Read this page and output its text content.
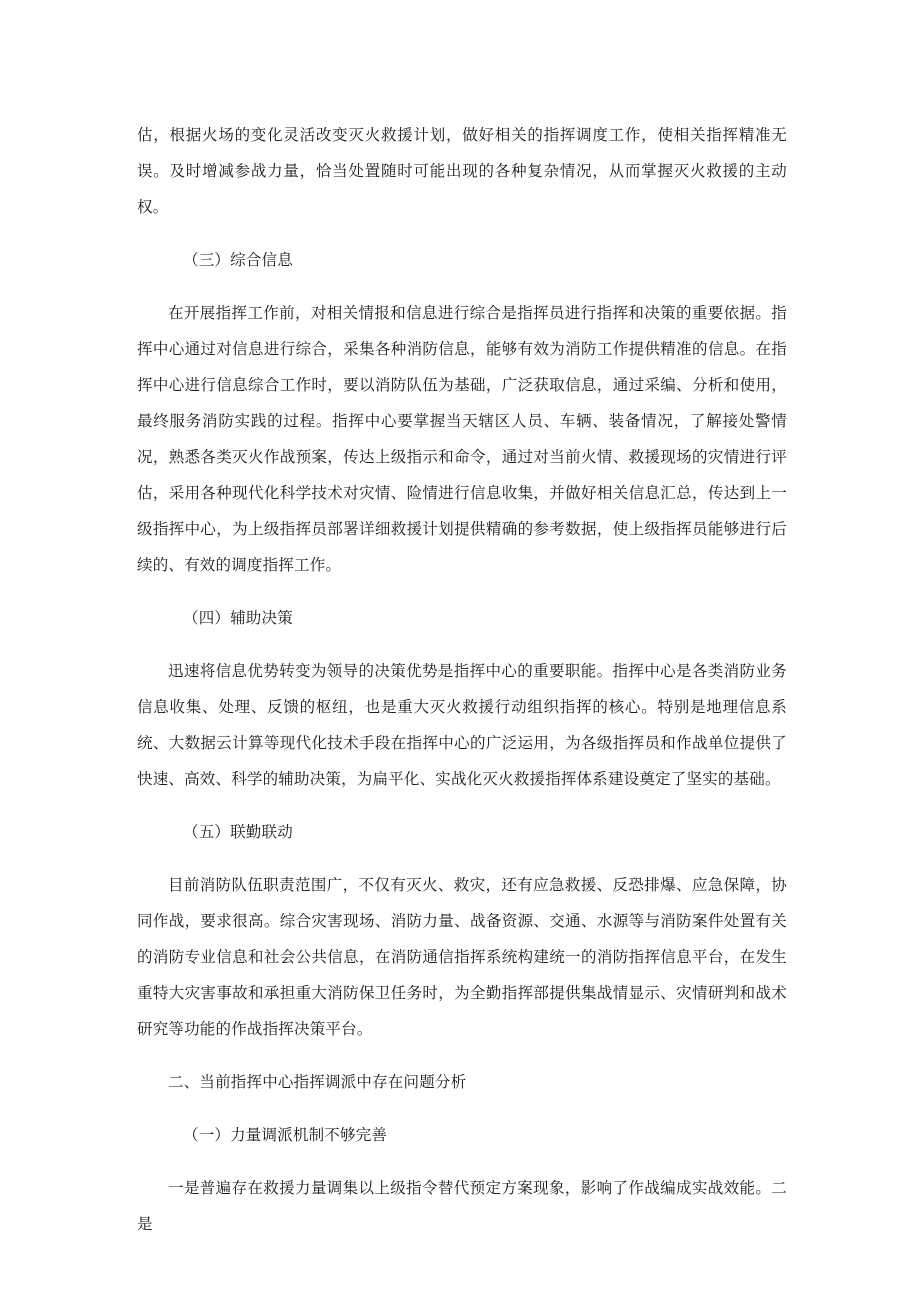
估，根据火场的变化灵活改变灭火救援计划，做好相关的指挥调度工作，使相关指挥精准无误。及时增减参战力量，恰当处置随时可能出现的各种复杂情况，从而掌握灭火救援的主动权。

（三）综合信息

在开展指挥工作前，对相关情报和信息进行综合是指挥员进行指挥和决策的重要依据。指挥中心通过对信息进行综合，采集各种消防信息，能够有效为消防工作提供精准的信息。在指挥中心进行信息综合工作时，要以消防队伍为基础，广泛获取信息，通过采编、分析和使用，最终服务消防实践的过程。指挥中心要掌握当天辖区人员、车辆、装备情况，了解接处警情况，熟悉各类灭火作战预案，传达上级指示和命令，通过对当前火情、救援现场的灾情进行评估，采用各种现代化科学技术对灾情、险情进行信息收集，并做好相关信息汇总，传达到上一级指挥中心，为上级指挥员部署详细救援计划提供精确的参考数据，使上级指挥员能够进行后续的、有效的调度指挥工作。

（四）辅助决策

迅速将信息优势转变为领导的决策优势是指挥中心的重要职能。指挥中心是各类消防业务信息收集、处理、反馈的枢纽，也是重大灭火救援行动组织指挥的核心。特别是地理信息系统、大数据云计算等现代化技术手段在指挥中心的广泛运用，为各级指挥员和作战单位提供了快速、高效、科学的辅助决策，为扁平化、实战化灭火救援指挥体系建设奠定了坚实的基础。

（五）联勤联动

目前消防队伍职责范围广，不仅有灭火、救灾，还有应急救援、反恐排爆、应急保障，协同作战，要求很高。综合灾害现场、消防力量、战备资源、交通、水源等与消防案件处置有关的消防专业信息和社会公共信息，在消防通信指挥系统构建统一的消防指挥信息平台，在发生重特大灾害事故和承担重大消防保卫任务时，为全勤指挥部提供集战情显示、灾情研判和战术研究等功能的作战指挥决策平台。

二、当前指挥中心指挥调派中存在问题分析

（一）力量调派机制不够完善

一是普遍存在救援力量调集以上级指令替代预定方案现象，影响了作战编成实战效能。二是
